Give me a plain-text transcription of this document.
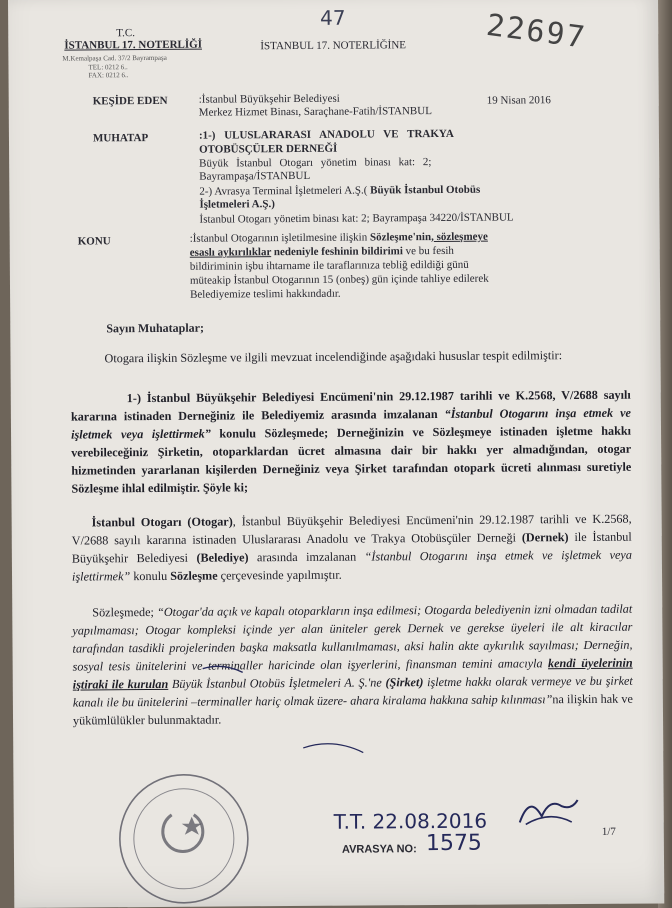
T.C.
İSTANBUL 17. NOTERLİĞİ
M.Kemalpaşa Cad. 37/2 Bayrampaşa
TEL: 0212 6..
FAX: 0212 6..
İSTANBUL 17. NOTERLİĞİNE
47	22697
KEŞİDE EDEN	:İstanbul Büyükşehir Belediyesi
Merkez Hizmet Binası, Saraçhane-Fatih/İSTANBUL
19 Nisan 2016
MUHATAP	:1-) ULUSLARARASI ANADOLU VE TRAKYA
OTOBÜSÇÜLER DERNEĞİ
Büyük İstanbul Otogarı yönetim binası kat: 2;
Bayrampaşa/İSTANBUL
2-) Avrasya Terminal İşletmeleri A.Ş.( Büyük İstanbul Otobüs
İşletmeleri A.Ş.)
İstanbul Otogarı yönetim binası kat: 2; Bayrampaşa 34220/İSTANBUL
KONU	:İstanbul Otogarının işletilmesine ilişkin Sözleşme'nin, sözleşmeye
esaslı aykırılıklar nedeniyle feshinin bildirimi ve bu fesih
bildiriminin işbu ihtarname ile taraflarınıza tebliğ edildiği günü
müteakip İstanbul Otogarının 15 (onbeş) gün içinde tahliye edilerek
Belediyemize teslimi hakkındadır.
Sayın Muhataplar;

Otogara ilişkin Sözleşme ve ilgili mevzuat incelendiğinde aşağıdaki hususlar tespit edilmiştir:

1-) İstanbul Büyükşehir Belediyesi Encümeni'nin 29.12.1987 tarihli ve K.2568, V/2688 sayılı kararına istinaden Derneğiniz ile Belediyemiz arasında imzalanan “İstanbul Otogarını inşa etmek ve işletmek veya işlettirmek” konulu Sözleşmede; Derneğinizin ve Sözleşmeye istinaden işletme hakkı verebileceğiniz Şirketin, otoparklardan ücret almasına dair bir hakkı yer almadığından, otogar hizmetinden yararlanan kişilerden Derneğiniz veya Şirket tarafından otopark ücreti alınması suretiyle Sözleşme ihlal edilmiştir. Şöyle ki;

İstanbul Otogarı (Otogar), İstanbul Büyükşehir Belediyesi Encümeni'nin 29.12.1987 tarihli ve K.2568, V/2688 sayılı kararına istinaden Uluslararası Anadolu ve Trakya Otobüsçüler Derneği (Dernek) ile İstanbul Büyükşehir Belediyesi (Belediye) arasında imzalanan “İstanbul Otogarını inşa etmek ve işletmek veya işlettirmek” konulu Sözleşme çerçevesinde yapılmıştır.

Sözleşmede; “Otogar'da açık ve kapalı otoparkların inşa edilmesi; Otogarda belediyenin izni olmadan tadilat yapılmaması; Otogar kompleksi içinde yer alan üniteler gerek Dernek ve gerekse üyeleri ile alt kiracılar tarafından tasdikli projelerinden başka maksatla kullanılmaması, aksi halin akte aykırılık sayılması; Derneğin, sosyal tesis ünitelerini ve terminaller haricinde olan işyerlerini, finansman temini amacıyla kendi üyelerinin iştiraki ile kurulan Büyük İstanbul Otobüs İşletmeleri A. Ş.'ne (Şirket) işletme hakkı olarak vermeye ve bu şirket kanalı ile bu ünitelerini –terminaller hariç olmak üzere- ahara kiralama hakkına sahip kılınması”na ilişkin hak ve yükümlülükler bulunmaktadır.

T.T. 22.08.2016
AVRASYA NO: 1575	1/7
